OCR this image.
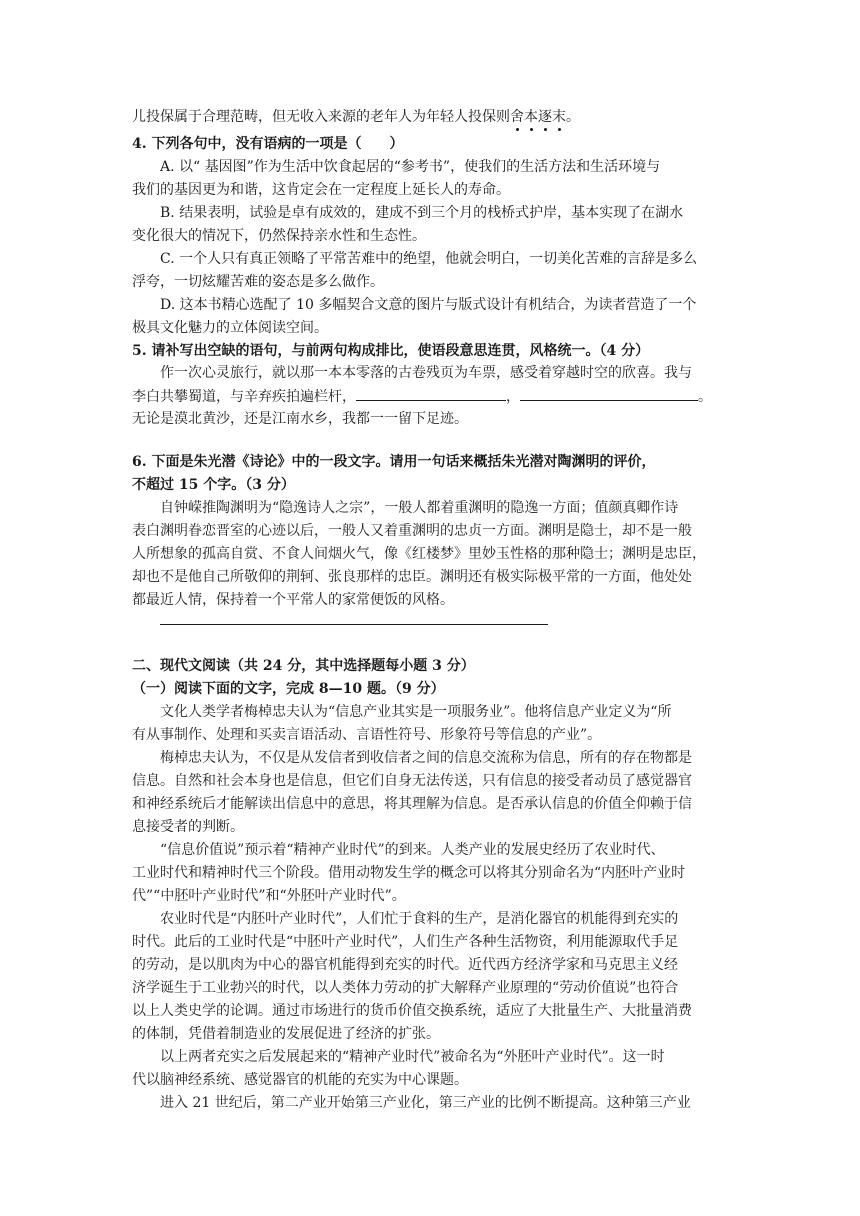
儿投保属于合理范畴，但无收入来源的老年人为年轻人投保则舍本逐末。
4. 下列各句中，没有语病的一项是（　　）
A. 以“ 基因图”作为生活中饮食起居的“参考书”，使我们的生活方法和生活环境与
我们的基因更为和谐，这肯定会在一定程度上延长人的寿命。
B. 结果表明，试验是卓有成效的，建成不到三个月的栈桥式护岸，基本实现了在湖水
变化很大的情况下，仍然保持亲水性和生态性。
C. 一个人只有真正领略了平常苦难中的绝望，他就会明白，一切美化苦难的言辞是多么
浮夸，一切炫耀苦难的姿态是多么做作。
D. 这本书精心选配了 10 多幅契合文意的图片与版式设计有机结合，为读者营造了一个
极具文化魅力的立体阅读空间。
5. 请补写出空缺的语句，与前两句构成排比，使语段意思连贯，风格统一。（4 分）
作一次心灵旅行，就以那一本本零落的古卷残页为车票，感受着穿越时空的欣喜。我与
李白共攀蜀道，与辛弃疾拍遍栏杆，	，	。
无论是漠北黄沙，还是江南水乡，我都一一留下足迹。
6. 下面是朱光潜《诗论》中的一段文字。请用一句话来概括朱光潜对陶渊明的评价，
不超过 15 个字。（3 分）
自钟嵘推陶渊明为“隐逸诗人之宗”，一般人都着重渊明的隐逸一方面；值颜真卿作诗
表白渊明眷恋晋室的心迹以后，一般人又着重渊明的忠贞一方面。渊明是隐士，却不是一般
人所想象的孤高自赏、不食人间烟火气，像《红楼梦》里妙玉性格的那种隐士；渊明是忠臣，
却也不是他自己所敬仰的荆轲、张良那样的忠臣。渊明还有极实际极平常的一方面，他处处
都最近人情，保持着一个平常人的家常便饭的风格。
二、现代文阅读（共 24 分，其中选择题每小题 3 分）
（一）阅读下面的文字，完成 8—10 题。（9 分）
文化人类学者梅棹忠夫认为“信息产业其实是一项服务业”。他将信息产业定义为“所
有从事制作、处理和买卖言语活动、言语性符号、形象符号等信息的产业”。
梅棹忠夫认为，不仅是从发信者到收信者之间的信息交流称为信息，所有的存在物都是
信息。自然和社会本身也是信息，但它们自身无法传送，只有信息的接受者动员了感觉器官
和神经系统后才能解读出信息中的意思，将其理解为信息。是否承认信息的价值全仰赖于信
息接受者的判断。
“信息价值说”预示着“精神产业时代”的到来。人类产业的发展史经历了农业时代、
工业时代和精神时代三个阶段。借用动物发生学的概念可以将其分别命名为“内胚叶产业时
代”“中胚叶产业时代”和“外胚叶产业时代”。
农业时代是“内胚叶产业时代”，人们忙于食料的生产，是消化器官的机能得到充实的
时代。此后的工业时代是“中胚叶产业时代”，人们生产各种生活物资，利用能源取代手足
的劳动，是以肌肉为中心的器官机能得到充实的时代。近代西方经济学家和马克思主义经
济学诞生于工业勃兴的时代，以人类体力劳动的扩大解释产业原理的“劳动价值说”也符合
以上人类史学的论调。通过市场进行的货币价值交换系统，适应了大批量生产、大批量消费
的体制，凭借着制造业的发展促进了经济的扩张。
以上两者充实之后发展起来的“精神产业时代”被命名为“外胚叶产业时代”。这一时
代以脑神经系统、感觉器官的机能的充实为中心课题。
进入 21 世纪后，第二产业开始第三产业化，第三产业的比例不断提高。这种第三产业
